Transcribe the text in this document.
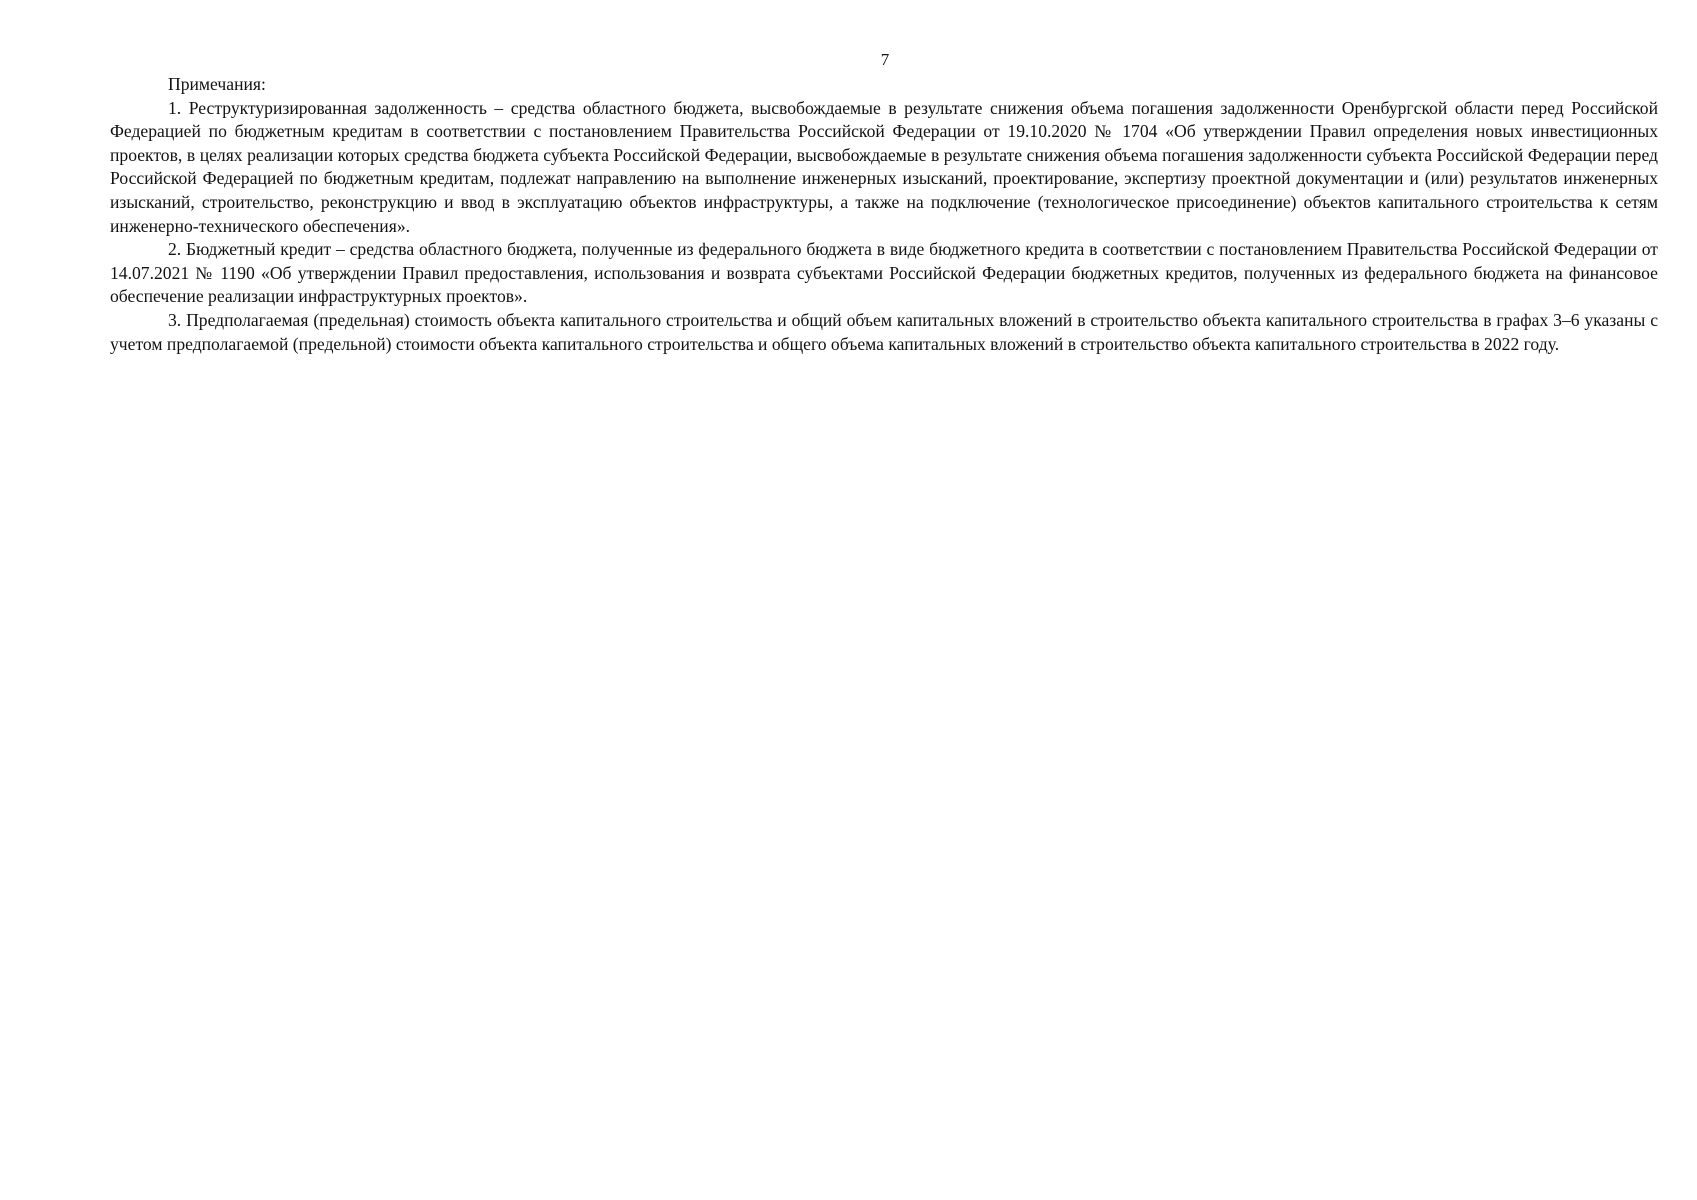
7

Примечания:

1. Реструктуризированная задолженность – средства областного бюджета, высвобождаемые в результате снижения объема погашения задолженности Оренбургской области перед Российской Федерацией по бюджетным кредитам в соответствии с постановлением Правительства Российской Федерации от 19.10.2020 № 1704 «Об утверждении Правил определения новых инвестиционных проектов, в целях реализации которых средства бюджета субъекта Российской Федерации, высвобождаемые в результате снижения объема погашения задолженности субъекта Российской Федерации перед Российской Федерацией по бюджетным кредитам, подлежат направлению на выполнение инженерных изысканий, проектирование, экспертизу проектной документации и (или) результатов инженерных изысканий, строительство, реконструкцию и ввод в эксплуатацию объектов инфраструктуры, а также на подключение (технологическое присоединение) объектов капитального строительства к сетям инженерно-технического обеспечения».

2. Бюджетный кредит – средства областного бюджета, полученные из федерального бюджета в виде бюджетного кредита в соответствии с постановлением Правительства Российской Федерации от 14.07.2021 № 1190 «Об утверждении Правил предоставления, использования и возврата субъектами Российской Федерации бюджетных кредитов, полученных из федерального бюджета на финансовое обеспечение реализации инфраструктурных проектов».

3. Предполагаемая (предельная) стоимость объекта капитального строительства и общий объем капитальных вложений в строительство объекта капитального строительства в графах 3–6 указаны с учетом предполагаемой (предельной) стоимости объекта капитального строительства и общего объема капитальных вложений в строительство объекта капитального строительства в 2022 году.
